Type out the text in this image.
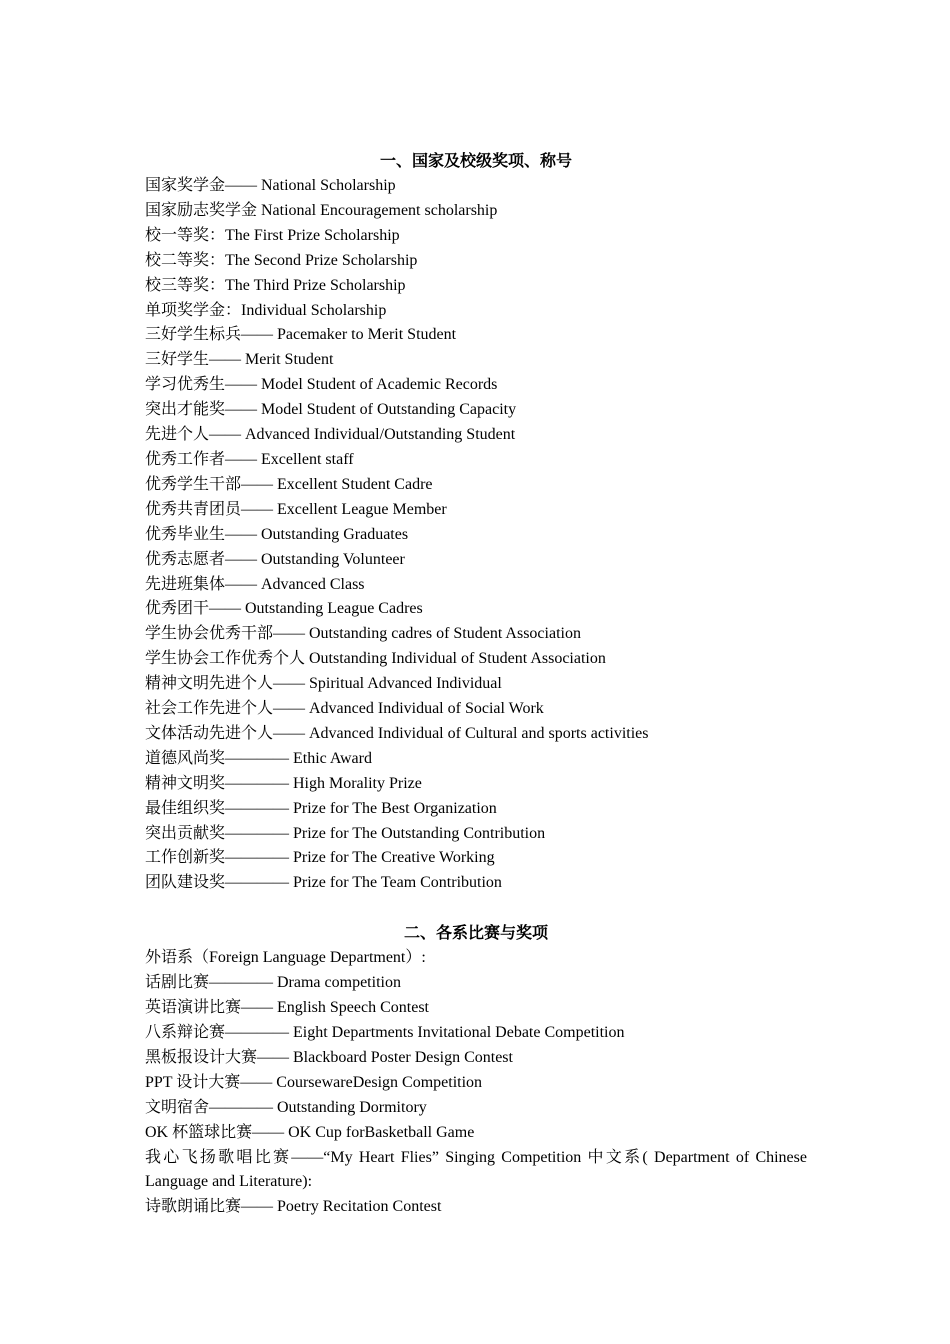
一、国家及校级奖项、称号
国家奖学金—— National Scholarship
国家励志奖学金 National Encouragement scholarship
校一等奖：The First Prize Scholarship
校二等奖：The Second Prize Scholarship
校三等奖：The Third Prize Scholarship
单项奖学金：Individual Scholarship
三好学生标兵—— Pacemaker to Merit Student
三好学生—— Merit Student
学习优秀生—— Model Student of Academic Records
突出才能奖—— Model Student of Outstanding Capacity
先进个人—— Advanced Individual/Outstanding Student
优秀工作者—— Excellent staff
优秀学生干部—— Excellent Student Cadre
优秀共青团员—— Excellent League Member
优秀毕业生—— Outstanding Graduates
优秀志愿者—— Outstanding Volunteer
先进班集体—— Advanced Class
优秀团干—— Outstanding League Cadres
学生协会优秀干部—— Outstanding cadres of Student Association
学生协会工作优秀个人 Outstanding Individual of Student Association
精神文明先进个人—— Spiritual Advanced Individual
社会工作先进个人—— Advanced Individual of Social Work
文体活动先进个人—— Advanced Individual of Cultural and sports activities
道德风尚奖———— Ethic Award
精神文明奖———— High Morality Prize
最佳组织奖———— Prize for The Best Organization
突出贡献奖———— Prize for The Outstanding Contribution
工作创新奖———— Prize for The Creative Working
团队建设奖———— Prize for The Team Contribution
二、各系比赛与奖项
外语系（Foreign Language Department）:
话剧比赛———— Drama competition
英语演讲比赛—— English Speech Contest
八系辩论赛———— Eight Departments Invitational Debate Competition
黑板报设计大赛—— Blackboard Poster Design Contest
PPT 设计大赛—— CoursewareDesign Competition
文明宿舍———— Outstanding Dormitory
OK 杯篮球比赛—— OK Cup forBasketball Game
我心飞扬歌唱比赛——“My Heart Flies” Singing Competition 中文系( Department of Chinese Language and Literature):
诗歌朗诵比赛—— Poetry Recitation Contest
